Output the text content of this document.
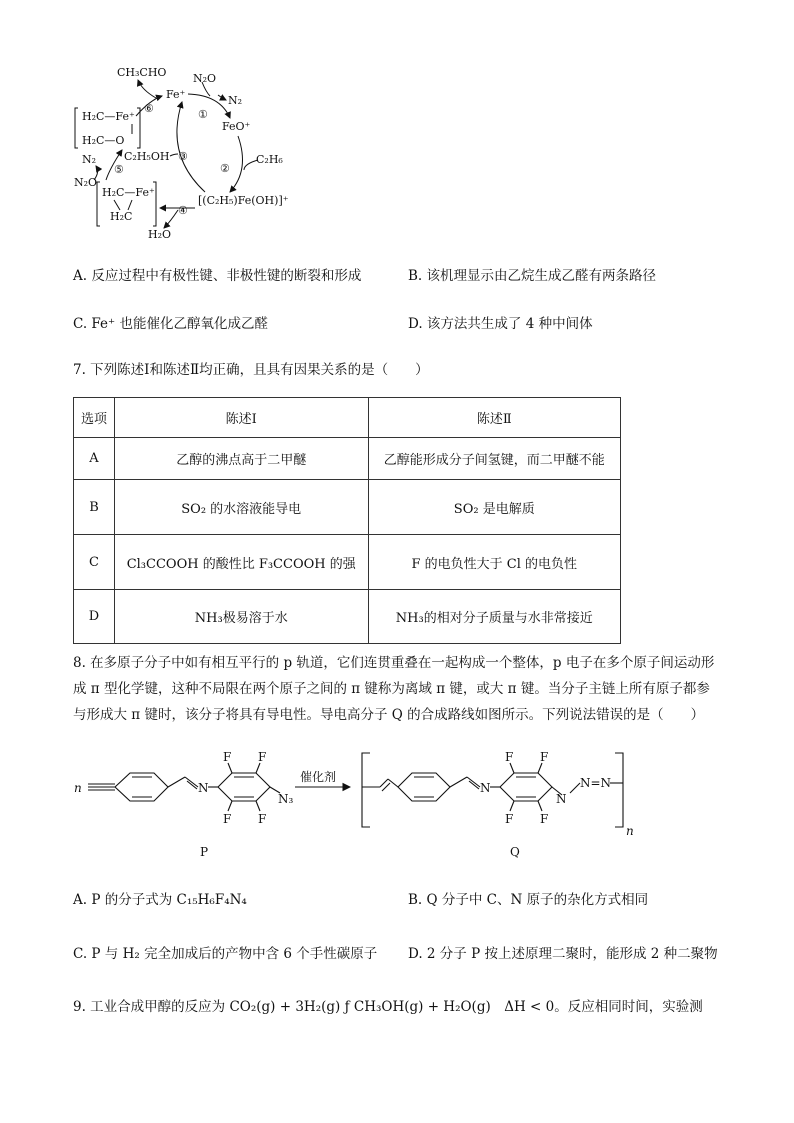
CH₃CHO
Fe⁺
N₂O
N₂
①
FeO⁺
②
C₂H₆
⑥
H₂C—Fe⁺
H₂C—O
③
C₂H₅OH
N₂
⑤
N₂O
H₂C—Fe⁺
H₂C
[(C₂H₅)Fe(OH)]⁺
④
H₂O
A. 反应过程中有极性键、非极性键的断裂和形成	B. 该机理显示由乙烷生成乙醛有两条路径
C. Fe⁺ 也能催化乙醇氧化成乙醛	D. 该方法共生成了 4 种中间体
7. 下列陈述Ⅰ和陈述Ⅱ均正确，且具有因果关系的是（　　）
选项	陈述Ⅰ	陈述Ⅱ
A	乙醇的沸点高于二甲醚	乙醇能形成分子间氢键，而二甲醚不能
B	SO₂ 的水溶液能导电	SO₂ 是电解质
C	Cl₃CCOOH 的酸性比 F₃CCOOH 的强	F 的电负性大于 Cl 的电负性
D	NH₃极易溶于水	NH₃的相对分子质量与水非常接近
8. 在多原子分子中如有相互平行的 p 轨道，它们连贯重叠在一起构成一个整体，p 电子在多个原子间运动形成 π 型化学键，这种不局限在两个原子之间的 π 键称为离域 π 键，或大 π 键。当分子主链上所有原子都参与形成大 π 键时，该分子将具有导电性。导电高分子 Q 的合成路线如图所示。下列说法错误的是（　　）
n	N
F F
F F
N₃
催化剂
P
N
F F
F F
N
N=N
n
Q
A. P 的分子式为 C₁₅H₆F₄N₄	B. Q 分子中 C、N 原子的杂化方式相同
C. P 与 H₂ 完全加成后的产物中含 6 个手性碳原子 D. 2 分子 P 按上述原理二聚时，能形成 2 种二聚物
9. 工业合成甲醇的反应为 CO₂(g) + 3H₂(g) ƒ CH₃OH(g) + H₂O(g)　ΔH < 0。反应相同时间，实验测
